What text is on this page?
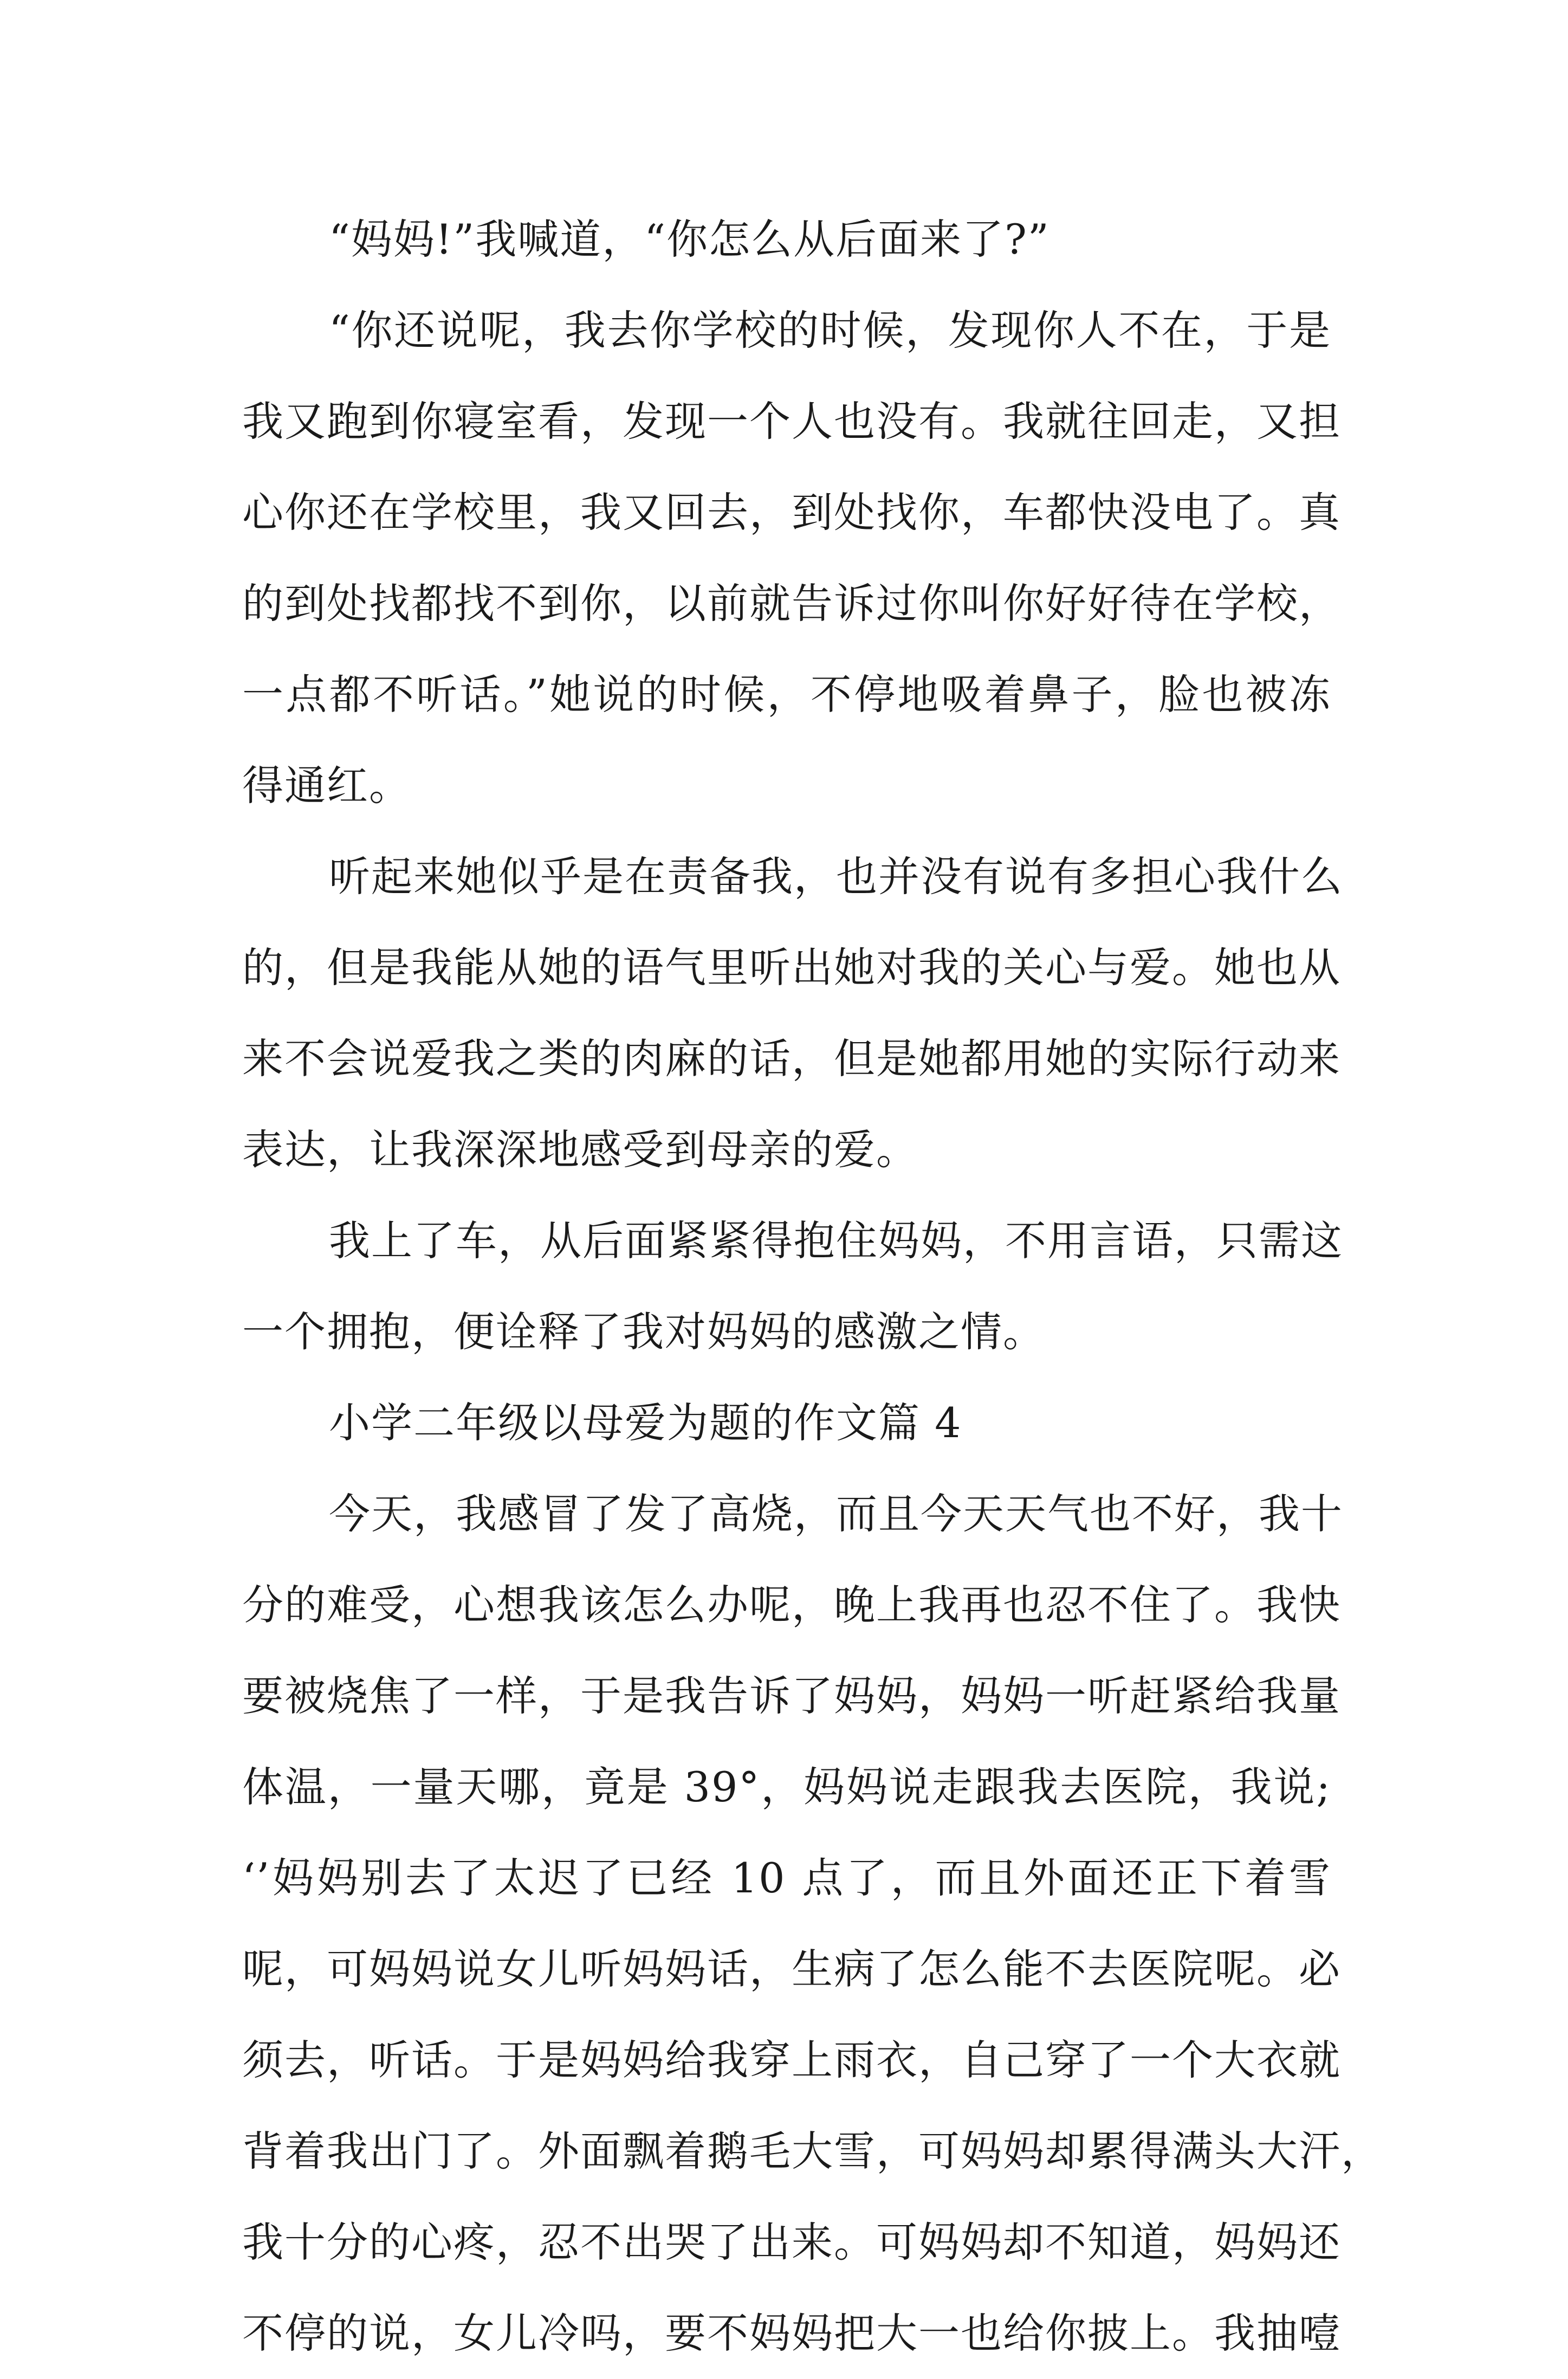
“妈妈!”我喊道，“你怎么从后面来了?”
“你还说呢，我去你学校的时候，发现你人不在，于是
我又跑到你寝室看，发现一个人也没有。我就往回走，又担
心你还在学校里，我又回去，到处找你，车都快没电了。真
的到处找都找不到你，以前就告诉过你叫你好好待在学校，
一点都不听话。”她说的时候，不停地吸着鼻子，脸也被冻
得通红。
听起来她似乎是在责备我，也并没有说有多担心我什么
的，但是我能从她的语气里听出她对我的关心与爱。她也从
来不会说爱我之类的肉麻的话，但是她都用她的实际行动来
表达，让我深深地感受到母亲的爱。
我上了车，从后面紧紧得抱住妈妈，不用言语，只需这
一个拥抱，便诠释了我对妈妈的感激之情。
小学二年级以母爱为题的作文篇 4
今天，我感冒了发了高烧，而且今天天气也不好，我十
分的难受，心想我该怎么办呢，晚上我再也忍不住了。我快
要被烧焦了一样，于是我告诉了妈妈，妈妈一听赶紧给我量
体温，一量天哪，竟是 39°，妈妈说走跟我去医院，我说;
‘’妈妈别去了太迟了已经 10 点了，而且外面还正下着雪
呢，可妈妈说女儿听妈妈话，生病了怎么能不去医院呢。必
须去，听话。于是妈妈给我穿上雨衣，自己穿了一个大衣就
背着我出门了。外面飘着鹅毛大雪，可妈妈却累得满头大汗，
我十分的心疼，忍不出哭了出来。可妈妈却不知道，妈妈还
不停的说，女儿冷吗，要不妈妈把大一也给你披上。我抽噎
